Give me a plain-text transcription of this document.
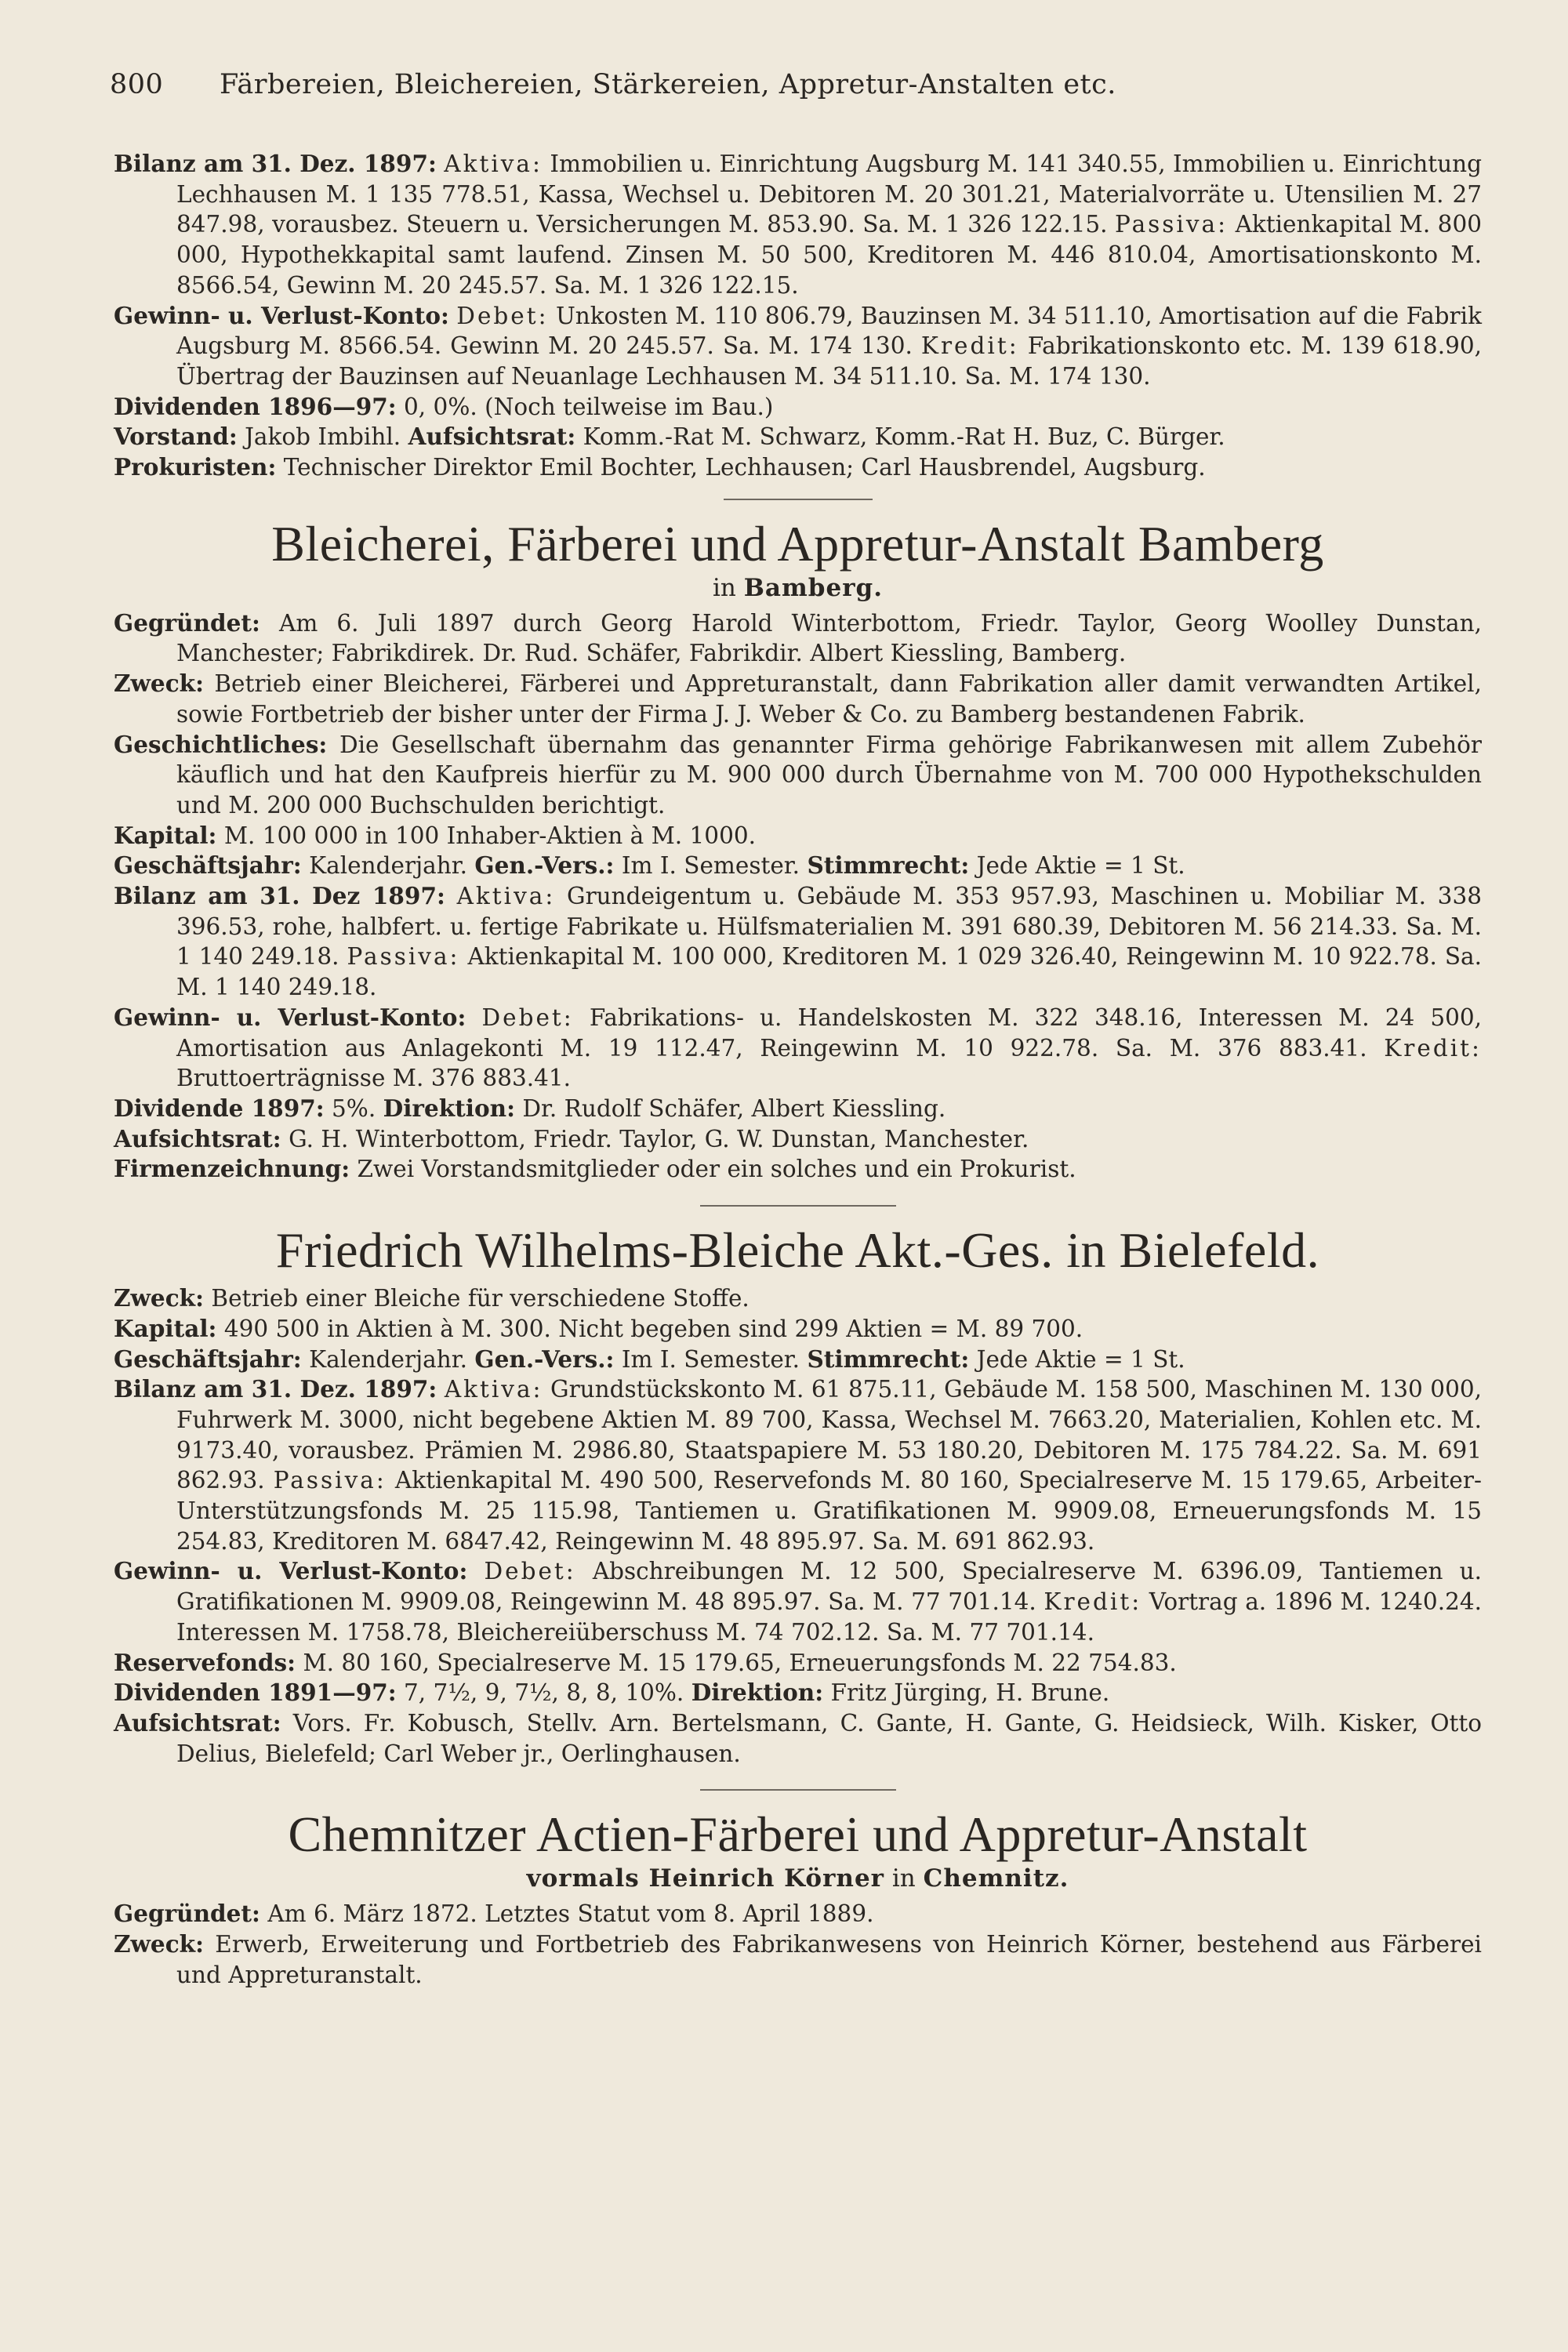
800 Färbereien, Bleichereien, Stärkereien, Appretur-Anstalten etc.

Bilanz am 31. Dez. 1897: Aktiva: Immobilien u. Einrichtung Augsburg M. 141 340.55, Immobilien u. Einrichtung Lechhausen M. 1 135 778.51, Kassa, Wechsel u. Debitoren M. 20 301.21, Materialvorräte u. Utensilien M. 27 847.98, vorausbez. Steuern u. Versicherungen M. 853.90. Sa. M. 1 326 122.15. Passiva: Aktienkapital M. 800 000, Hypothekkapital samt laufend. Zinsen M. 50 500, Kreditoren M. 446 810.04, Amortisationskonto M. 8566.54, Gewinn M. 20 245.57. Sa. M. 1 326 122.15.

Gewinn- u. Verlust-Konto: Debet: Unkosten M. 110 806.79, Bauzinsen M. 34 511.10, Amortisation auf die Fabrik Augsburg M. 8566.54. Gewinn M. 20 245.57. Sa. M. 174 130. Kredit: Fabrikationskonto etc. M. 139 618.90, Übertrag der Bauzinsen auf Neuanlage Lechhausen M. 34 511.10. Sa. M. 174 130.

Dividenden 1896—97: 0, 0%. (Noch teilweise im Bau.)

Vorstand: Jakob Imbihl. Aufsichtsrat: Komm.-Rat M. Schwarz, Komm.-Rat H. Buz, C. Bürger.

Prokuristen: Technischer Direktor Emil Bochter, Lechhausen; Carl Hausbrendel, Augsburg.

Bleicherei, Färberei und Appretur-Anstalt Bamberg
in Bamberg.

Gegründet: Am 6. Juli 1897 durch Georg Harold Winterbottom, Friedr. Taylor, Georg Woolley Dunstan, Manchester; Fabrikdirek. Dr. Rud. Schäfer, Fabrikdir. Albert Kiessling, Bamberg.

Zweck: Betrieb einer Bleicherei, Färberei und Appreturanstalt, dann Fabrikation aller damit verwandten Artikel, sowie Fortbetrieb der bisher unter der Firma J. J. Weber & Co. zu Bamberg bestandenen Fabrik.

Geschichtliches: Die Gesellschaft übernahm das genannter Firma gehörige Fabrikanwesen mit allem Zubehör käuflich und hat den Kaufpreis hierfür zu M. 900 000 durch Übernahme von M. 700 000 Hypothekschulden und M. 200 000 Buchschulden berichtigt.

Kapital: M. 100 000 in 100 Inhaber-Aktien à M. 1000.

Geschäftsjahr: Kalenderjahr. Gen.-Vers.: Im I. Semester. Stimmrecht: Jede Aktie = 1 St.

Bilanz am 31. Dez 1897: Aktiva: Grundeigentum u. Gebäude M. 353 957.93, Maschinen u. Mobiliar M. 338 396.53, rohe, halbfert. u. fertige Fabrikate u. Hülfsmaterialien M. 391 680.39, Debitoren M. 56 214.33. Sa. M. 1 140 249.18. Passiva: Aktienkapital M. 100 000, Kreditoren M. 1 029 326.40, Reingewinn M. 10 922.78. Sa. M. 1 140 249.18.

Gewinn- u. Verlust-Konto: Debet: Fabrikations- u. Handelskosten M. 322 348.16, Interessen M. 24 500, Amortisation aus Anlagekonti M. 19 112.47, Reingewinn M. 10 922.78. Sa. M. 376 883.41. Kredit: Bruttoerträgnisse M. 376 883.41.

Dividende 1897: 5%. Direktion: Dr. Rudolf Schäfer, Albert Kiessling.

Aufsichtsrat: G. H. Winterbottom, Friedr. Taylor, G. W. Dunstan, Manchester.

Firmenzeichnung: Zwei Vorstandsmitglieder oder ein solches und ein Prokurist.

Friedrich Wilhelms-Bleiche Akt.-Ges. in Bielefeld.

Zweck: Betrieb einer Bleiche für verschiedene Stoffe.

Kapital: 490 500 in Aktien à M. 300. Nicht begeben sind 299 Aktien = M. 89 700.

Geschäftsjahr: Kalenderjahr. Gen.-Vers.: Im I. Semester. Stimmrecht: Jede Aktie = 1 St.

Bilanz am 31. Dez. 1897: Aktiva: Grundstückskonto M. 61 875.11, Gebäude M. 158 500, Maschinen M. 130 000, Fuhrwerk M. 3000, nicht begebene Aktien M. 89 700, Kassa, Wechsel M. 7663.20, Materialien, Kohlen etc. M. 9173.40, vorausbez. Prämien M. 2986.80, Staatspapiere M. 53 180.20, Debitoren M. 175 784.22. Sa. M. 691 862.93. Passiva: Aktienkapital M. 490 500, Reservefonds M. 80 160, Specialreserve M. 15 179.65, Arbeiter-Unterstützungsfonds M. 25 115.98, Tantiemen u. Gratifikationen M. 9909.08, Erneuerungsfonds M. 15 254.83, Kreditoren M. 6847.42, Reingewinn M. 48 895.97. Sa. M. 691 862.93.

Gewinn- u. Verlust-Konto: Debet: Abschreibungen M. 12 500, Specialreserve M. 6396.09, Tantiemen u. Gratifikationen M. 9909.08, Reingewinn M. 48 895.97. Sa. M. 77 701.14. Kredit: Vortrag a. 1896 M. 1240.24. Interessen M. 1758.78, Bleichereiüberschuss M. 74 702.12. Sa. M. 77 701.14.

Reservefonds: M. 80 160, Specialreserve M. 15 179.65, Erneuerungsfonds M. 22 754.83.

Dividenden 1891—97: 7, 7½, 9, 7½, 8, 8, 10%. Direktion: Fritz Jürging, H. Brune.

Aufsichtsrat: Vors. Fr. Kobusch, Stellv. Arn. Bertelsmann, C. Gante, H. Gante, G. Heidsieck, Wilh. Kisker, Otto Delius, Bielefeld; Carl Weber jr., Oerlinghausen.

Chemnitzer Actien-Färberei und Appretur-Anstalt
vormals Heinrich Körner in Chemnitz.

Gegründet: Am 6. März 1872. Letztes Statut vom 8. April 1889.

Zweck: Erwerb, Erweiterung und Fortbetrieb des Fabrikanwesens von Heinrich Körner, bestehend aus Färberei und Appreturanstalt.
